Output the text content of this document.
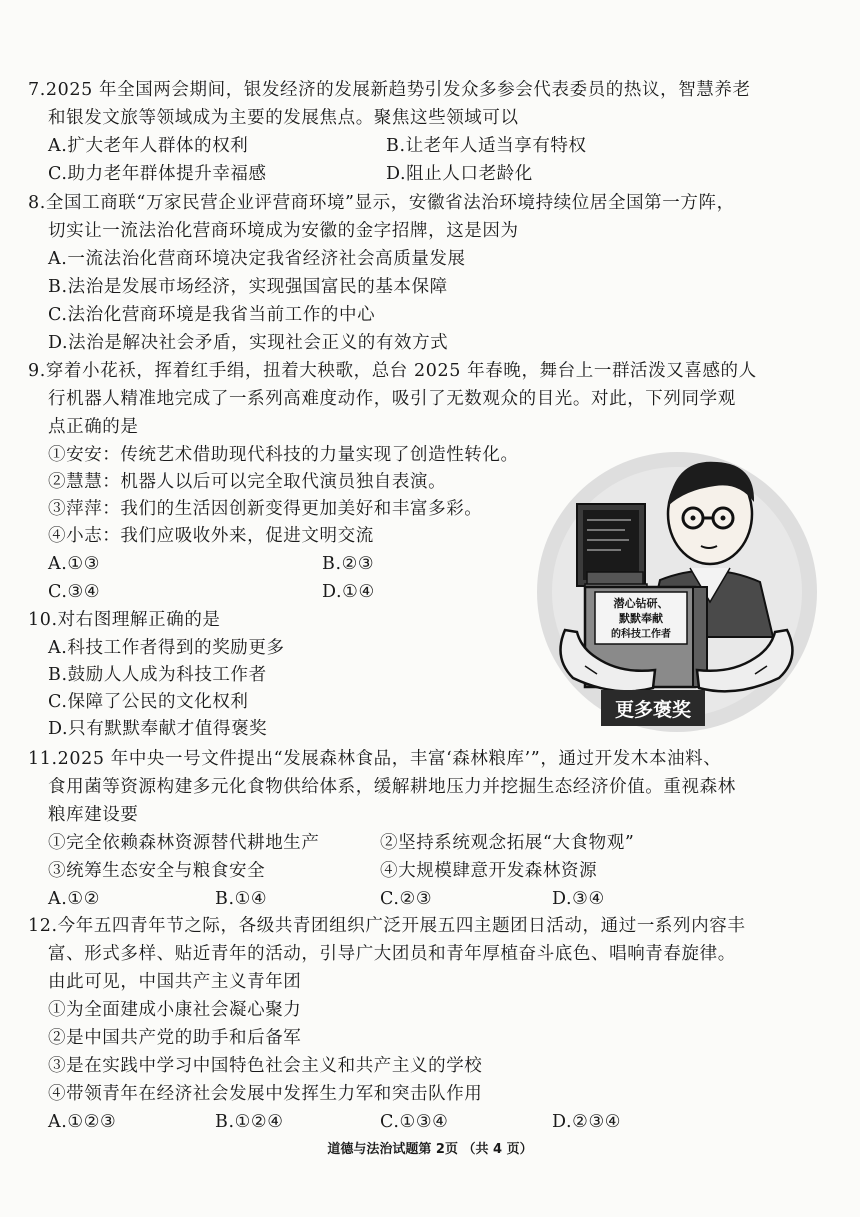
7.2025 年全国两会期间，银发经济的发展新趋势引发众多参会代表委员的热议，智慧养老
和银发文旅等领域成为主要的发展焦点。聚焦这些领域可以
A.扩大老年人群体的权利	B.让老年人适当享有特权
C.助力老年群体提升幸福感	D.阻止人口老龄化
8.全国工商联“万家民营企业评营商环境”显示，安徽省法治环境持续位居全国第一方阵，
切实让一流法治化营商环境成为安徽的金字招牌，这是因为
A.一流法治化营商环境决定我省经济社会高质量发展
B.法治是发展市场经济，实现强国富民的基本保障
C.法治化营商环境是我省当前工作的中心
D.法治是解决社会矛盾，实现社会正义的有效方式
9.穿着小花袄，挥着红手绢，扭着大秧歌，总台 2025 年春晚，舞台上一群活泼又喜感的人
行机器人精准地完成了一系列高难度动作，吸引了无数观众的目光。对此，下列同学观
点正确的是
①安安：传统艺术借助现代科技的力量实现了创造性转化。
②慧慧：机器人以后可以完全取代演员独自表演。
③萍萍：我们的生活因创新变得更加美好和丰富多彩。
④小志：我们应吸收外来，促进文明交流
A.①③	B.②③
C.③④	D.①④
10.对右图理解正确的是
A.科技工作者得到的奖励更多
B.鼓励人人成为科技工作者
C.保障了公民的文化权利
D.只有默默奉献才值得褒奖
潜心钻研、
默默奉献
的科技工作者
更多褒奖
11.2025 年中央一号文件提出“发展森林食品，丰富‘森林粮库’”，通过开发木本油料、
食用菌等资源构建多元化食物供给体系，缓解耕地压力并挖掘生态经济价值。重视森林
粮库建设要
①完全依赖森林资源替代耕地生产	②坚持系统观念拓展“大食物观”
③统筹生态安全与粮食安全	④大规模肆意开发森林资源
A.①②	B.①④	C.②③	D.③④
12.今年五四青年节之际，各级共青团组织广泛开展五四主题团日活动，通过一系列内容丰
富、形式多样、贴近青年的活动，引导广大团员和青年厚植奋斗底色、唱响青春旋律。
由此可见，中国共产主义青年团
①为全面建成小康社会凝心聚力
②是中国共产党的助手和后备军
③是在实践中学习中国特色社会主义和共产主义的学校
④带领青年在经济社会发展中发挥生力军和突击队作用
A.①②③	B.①②④	C.①③④	D.②③④
道德与法治试题第 2页 （共 4 页）
